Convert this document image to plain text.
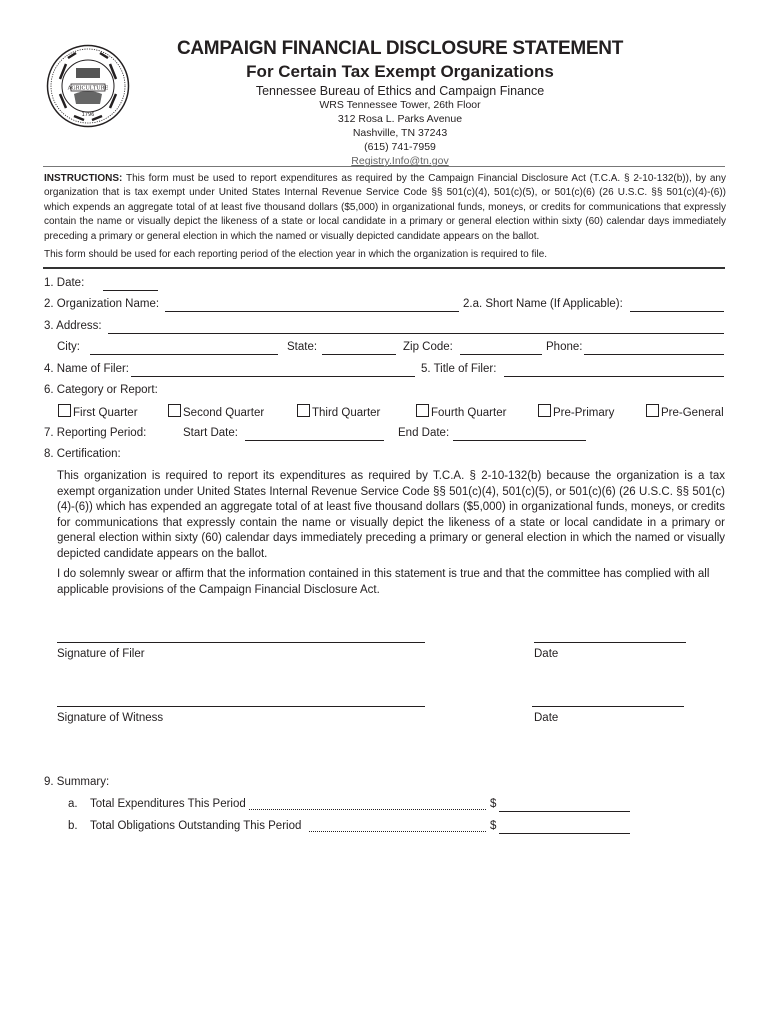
AGRICULTURE
1796
CAMPAIGN FINANCIAL DISCLOSURE STATEMENT
For Certain Tax Exempt Organizations
Tennessee Bureau of Ethics and Campaign Finance
WRS Tennessee Tower, 26th Floor
312 Rosa L. Parks Avenue
Nashville, TN 37243
(615) 741-7959
Registry.Info@tn.gov
INSTRUCTIONS: This form must be used to report expenditures as required by the Campaign Financial Disclosure Act (T.C.A. § 2-10-132(b)), by any organization that is tax exempt under United States Internal Revenue Service Code §§ 501(c)(4), 501(c)(5), or 501(c)(6) (26 U.S.C. §§ 501(c)(4)-(6)) which expends an aggregate total of at least five thousand dollars ($5,000) in organizational funds, moneys, or credits for communications that expressly contain the name or visually depict the likeness of a state or local candidate in a primary or general election within sixty (60) calendar days immediately preceding a primary or general election in which the named or visually depicted candidate appears on the ballot.
This form should be used for each reporting period of the election year in which the organization is required to file.
1. Date:
2. Organization Name:	2.a. Short Name (If Applicable):
3. Address:
City:	State:	Zip Code:	Phone:
4. Name of Filer:	5. Title of Filer:
6. Category or Report:
First Quarter	Second Quarter	Third Quarter	Fourth Quarter	Pre-Primary	Pre-General
7. Reporting Period:	Start Date:	End Date:
8. Certification:
This organization is required to report its expenditures as required by T.C.A. § 2-10-132(b) because the organization is a tax exempt organization under United States Internal Revenue Service Code §§ 501(c)(4), 501(c)(5), or 501(c)(6) (26 U.S.C. §§ 501(c)(4)-(6)) which has expended an aggregate total of at least five thousand dollars ($5,000) in organizational funds, moneys, or credits for communications that expressly contain the name or visually depict the likeness of a state or local candidate in a primary or general election within sixty (60) calendar days immediately preceding a primary or general election in which the named or visually depicted candidate appears on the ballot.
I do solemnly swear or affirm that the information contained in this statement is true and that the committee has complied with all applicable provisions of the Campaign Financial Disclosure Act.
Signature of Filer	Date
Signature of Witness	Date
9. Summary:
a. Total Expenditures This Period	$
b. Total Obligations Outstanding This Period	$
